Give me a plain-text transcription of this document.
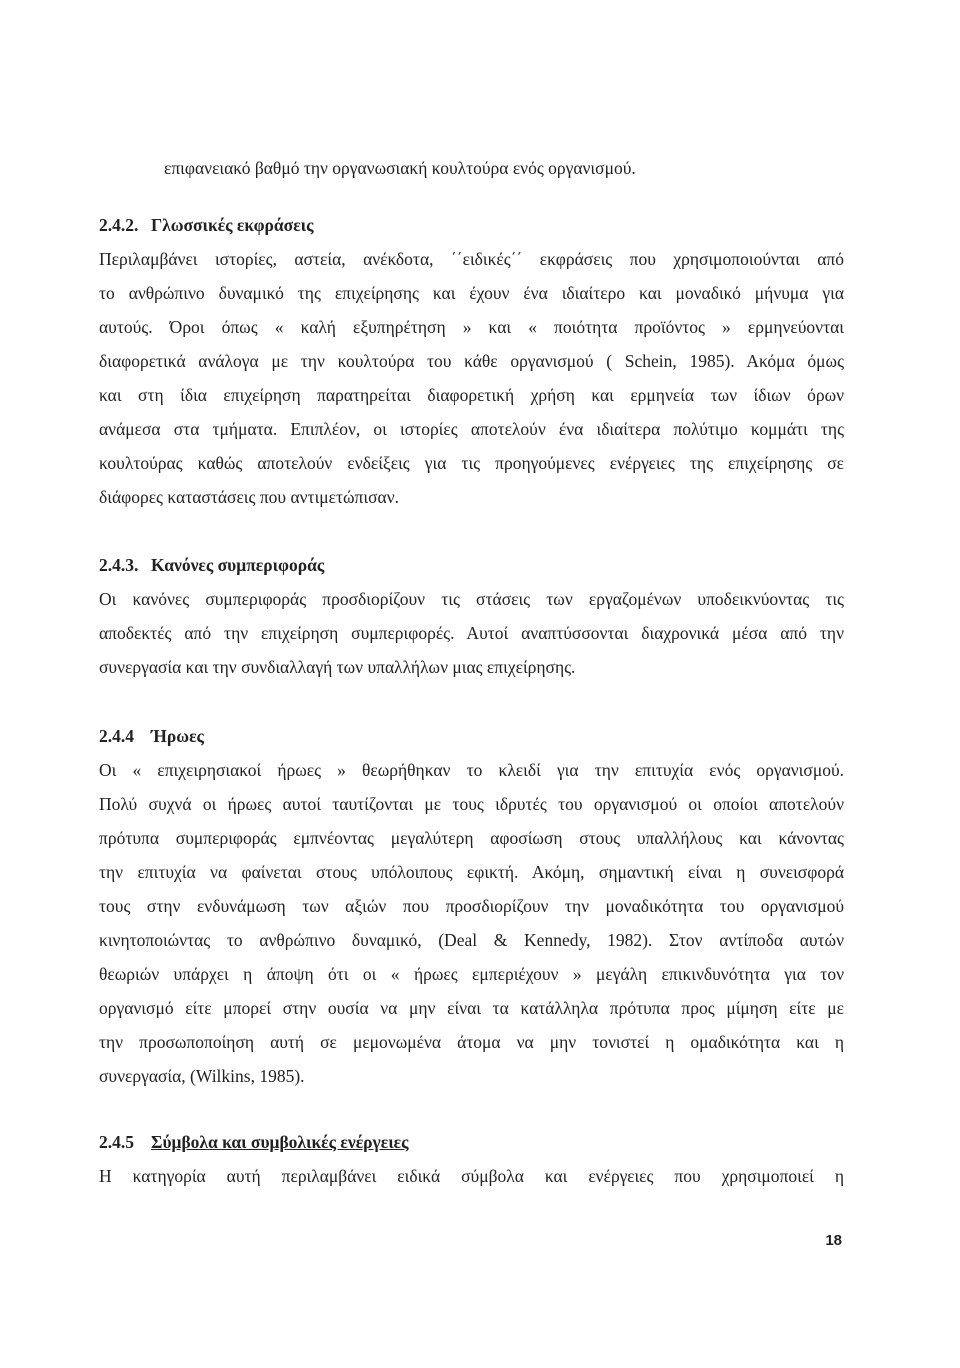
επιφανειακό βαθμό την οργανωσιακή κουλτούρα ενός οργανισμού.
2.4.2. Γλωσσικές εκφράσεις
Περιλαμβάνει ιστορίες, αστεία, ανέκδοτα, ΄΄ειδικές΄΄ εκφράσεις που χρησιμοποιούνται από
το ανθρώπινο δυναμικό της επιχείρησης και έχουν ένα ιδιαίτερο και μοναδικό μήνυμα για
αυτούς. Όροι όπως « καλή εξυπηρέτηση » και « ποιότητα προϊόντος » ερμηνεύονται
διαφορετικά ανάλογα με την κουλτούρα του κάθε οργανισμού ( Schein, 1985). Ακόμα όμως
και στη ίδια επιχείρηση παρατηρείται διαφορετική χρήση και ερμηνεία των ίδιων όρων
ανάμεσα στα τμήματα. Επιπλέον, οι ιστορίες αποτελούν ένα ιδιαίτερα πολύτιμο κομμάτι της
κουλτούρας καθώς αποτελούν ενδείξεις για τις προηγούμενες ενέργειες της επιχείρησης σε
διάφορες καταστάσεις που αντιμετώπισαν.
2.4.3. Κανόνες συμπεριφοράς
Οι κανόνες συμπεριφοράς προσδιορίζουν τις στάσεις των εργαζομένων υποδεικνύοντας τις
αποδεκτές από την επιχείρηση συμπεριφορές. Αυτοί αναπτύσσονται διαχρονικά μέσα από την
συνεργασία και την συνδιαλλαγή των υπαλλήλων μιας επιχείρησης.
2.4.4 Ήρωες
Οι « επιχειρησιακοί ήρωες » θεωρήθηκαν το κλειδί για την επιτυχία ενός οργανισμού.
Πολύ συχνά οι ήρωες αυτοί ταυτίζονται με τους ιδρυτές του οργανισμού οι οποίοι αποτελούν
πρότυπα συμπεριφοράς εμπνέοντας μεγαλύτερη αφοσίωση στους υπαλλήλους και κάνοντας
την επιτυχία να φαίνεται στους υπόλοιπους εφικτή. Ακόμη, σημαντική είναι η συνεισφορά
τους στην ενδυνάμωση των αξιών που προσδιορίζουν την μοναδικότητα του οργανισμού
κινητοποιώντας το ανθρώπινο δυναμικό, (Deal & Kennedy, 1982). Στον αντίποδα αυτών
θεωριών υπάρχει η άποψη ότι οι « ήρωες εμπεριέχουν » μεγάλη επικινδυνότητα για τον
οργανισμό είτε μπορεί στην ουσία να μην είναι τα κατάλληλα πρότυπα προς μίμηση είτε με
την προσωποποίηση αυτή σε μεμονωμένα άτομα να μην τονιστεί η ομαδικότητα και η
συνεργασία, (Wilkins, 1985).
2.4.5 Σύμβολα και συμβολικές ενέργειες
Η κατηγορία αυτή περιλαμβάνει ειδικά σύμβολα και ενέργειες που χρησιμοποιεί η
18
